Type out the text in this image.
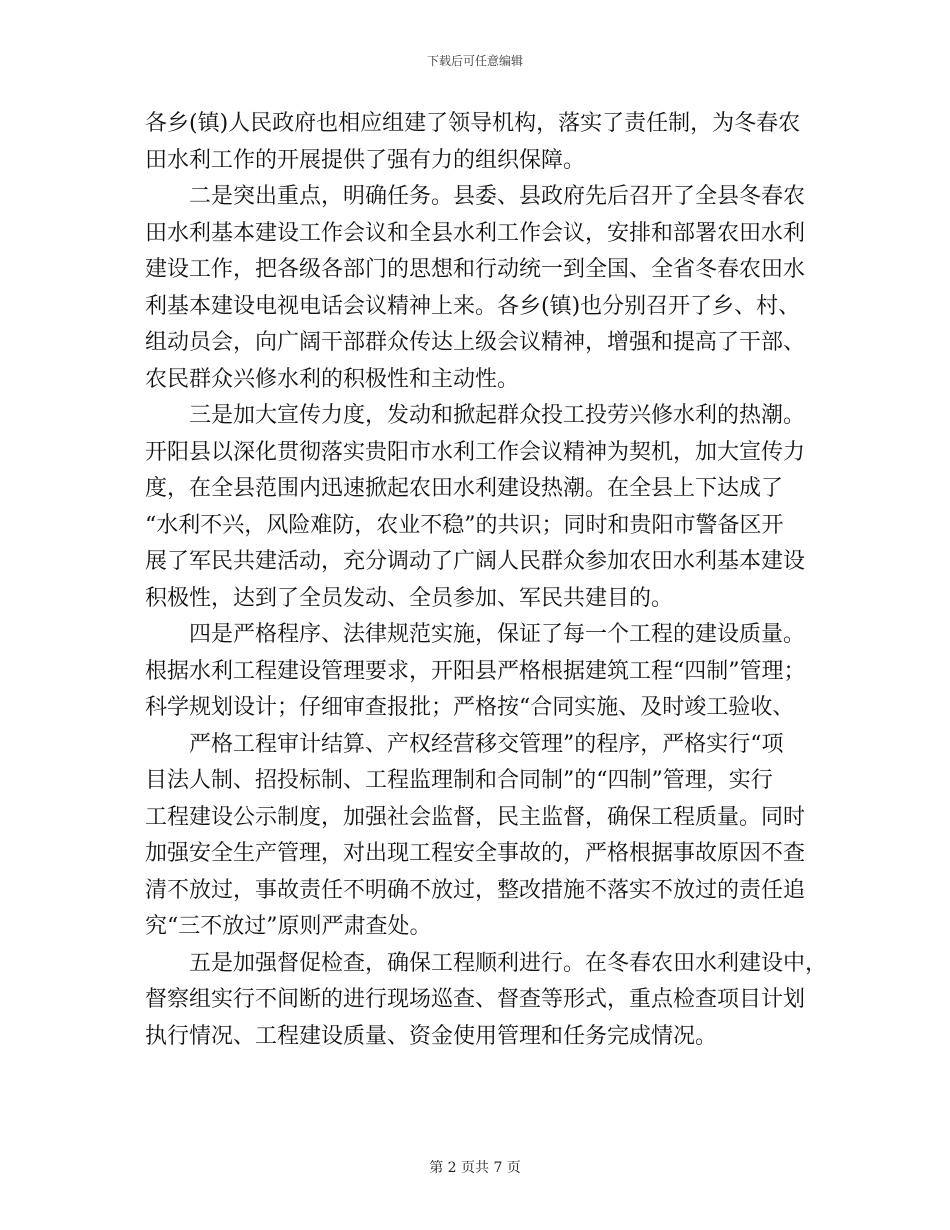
下载后可任意编辑
各乡(镇)人民政府也相应组建了领导机构，落实了责任制，为冬春农
田水利工作的开展提供了强有力的组织保障。
二是突出重点，明确任务。县委、县政府先后召开了全县冬春农
田水利基本建设工作会议和全县水利工作会议，安排和部署农田水利
建设工作，把各级各部门的思想和行动统一到全国、全省冬春农田水
利基本建设电视电话会议精神上来。各乡(镇)也分别召开了乡、村、
组动员会，向广阔干部群众传达上级会议精神，增强和提高了干部、
农民群众兴修水利的积极性和主动性。
三是加大宣传力度，发动和掀起群众投工投劳兴修水利的热潮。
开阳县以深化贯彻落实贵阳市水利工作会议精神为契机，加大宣传力
度，在全县范围内迅速掀起农田水利建设热潮。在全县上下达成了
“水利不兴，风险难防，农业不稳”的共识；同时和贵阳市警备区开
展了军民共建活动，充分调动了广阔人民群众参加农田水利基本建设
积极性，达到了全员发动、全员参加、军民共建目的。
四是严格程序、法律规范实施，保证了每一个工程的建设质量。
根据水利工程建设管理要求，开阳县严格根据建筑工程“四制”管理；
科学规划设计；仔细审查报批；严格按“合同实施、及时竣工验收、
严格工程审计结算、产权经营移交管理”的程序，严格实行“项
目法人制、招投标制、工程监理制和合同制”的“四制”管理，实行
工程建设公示制度，加强社会监督，民主监督，确保工程质量。同时
加强安全生产管理，对出现工程安全事故的，严格根据事故原因不查
清不放过，事故责任不明确不放过，整改措施不落实不放过的责任追
究“三不放过”原则严肃查处。
五是加强督促检查，确保工程顺利进行。在冬春农田水利建设中，
督察组实行不间断的进行现场巡查、督查等形式，重点检查项目计划
执行情况、工程建设质量、资金使用管理和任务完成情况。
第 2 页共 7 页
